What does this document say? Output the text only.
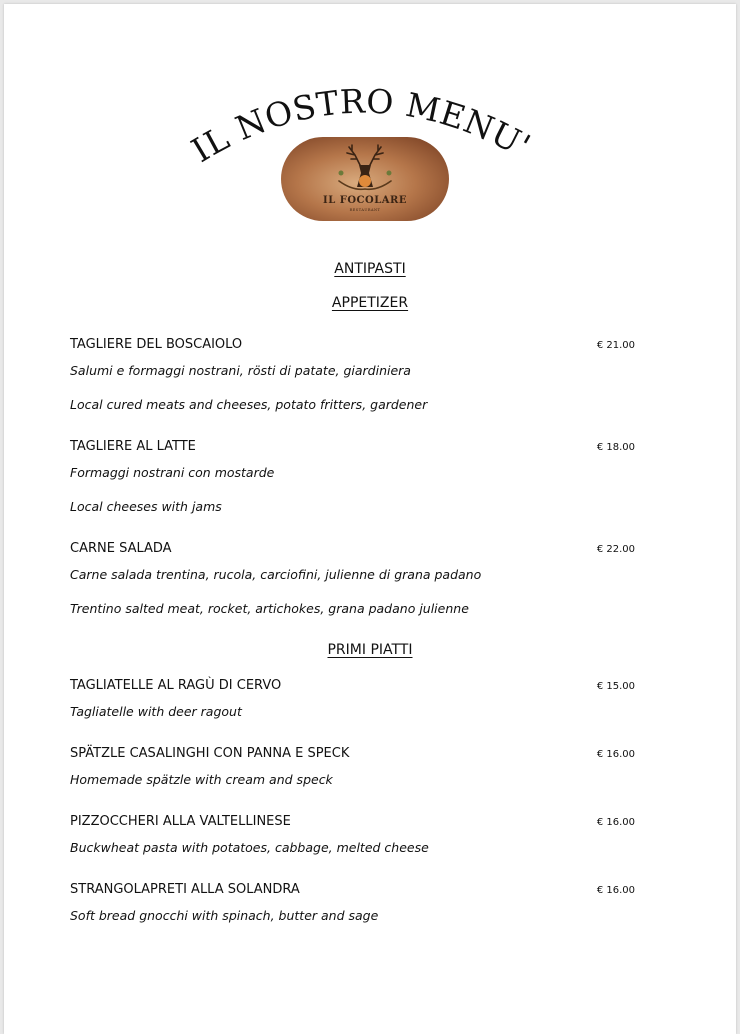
IL NOSTRO MENU'
IL FOCOLARE
RESTAURANT
ANTIPASTI
APPETIZER
TAGLIERE DEL BOSCAIOLO	€ 21.00
Salumi e formaggi nostrani, rösti di patate, giardiniera
Local cured meats and cheeses, potato fritters, gardener
TAGLIERE AL LATTE	€ 18.00
Formaggi nostrani con mostarde
Local cheeses with jams
CARNE SALADA	€ 22.00
Carne salada trentina, rucola, carciofini, julienne di grana padano
Trentino salted meat, rocket, artichokes, grana padano julienne
PRIMI PIATTI
TAGLIATELLE AL RAGÙ DI CERVO	€ 15.00
Tagliatelle with deer ragout
SPÄTZLE CASALINGHI CON PANNA E SPECK	€ 16.00
Homemade spätzle with cream and speck
PIZZOCCHERI ALLA VALTELLINESE	€ 16.00
Buckwheat pasta with potatoes, cabbage, melted cheese
STRANGOLAPRETI ALLA SOLANDRA	€ 16.00
Soft bread gnocchi with spinach, butter and sage
